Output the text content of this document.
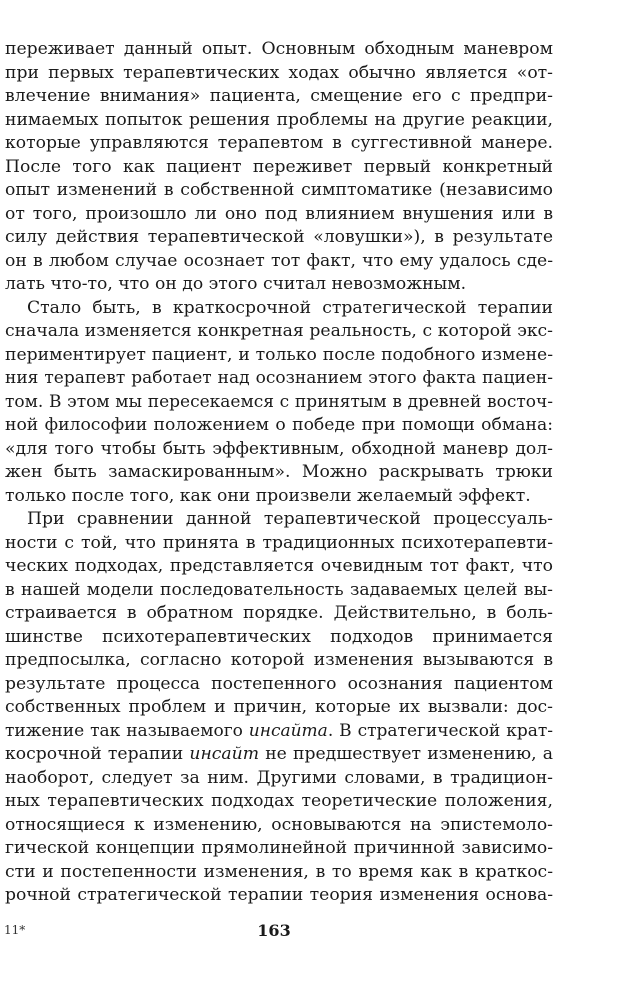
переживает данный опыт. Основным обходным маневром
при первых терапевтических ходах обычно является «от-
влечение внимания» пациента, смещение его с предпри-
нимаемых попыток решения проблемы на другие реакции,
которые управляются терапевтом в суггестивной манере.
После того как пациент переживет первый конкретный
опыт изменений в собственной симптоматике (независимо
от того, произошло ли оно под влиянием внушения или в
силу действия терапевтической «ловушки»), в результате
он в любом случае осознает тот факт, что ему удалось сде-
лать что-то, что он до этого считал невозможным.
Стало быть, в краткосрочной стратегической терапии
сначала изменяется конкретная реальность, с которой экс-
периментирует пациент, и только после подобного измене-
ния терапевт работает над осознанием этого факта пациен-
том. В этом мы пересекаемся с принятым в древней восточ-
ной философии положением о победе при помощи обмана:
«для того чтобы быть эффективным, обходной маневр дол-
жен быть замаскированным». Можно раскрывать трюки
только после того, как они произвели желаемый эффект.
При сравнении данной терапевтической процессуаль-
ности с той, что принята в традиционных психотерапевти-
ческих подходах, представляется очевидным тот факт, что
в нашей модели последовательность задаваемых целей вы-
страивается в обратном порядке. Действительно, в боль-
шинстве психотерапевтических подходов принимается
предпосылка, согласно которой изменения вызываются в
результате процесса постепенного осознания пациентом
собственных проблем и причин, которые их вызвали: дос-
тижение так называемого инсайта. В стратегической крат-
косрочной терапии инсайт не предшествует изменению, а
наоборот, следует за ним. Другими словами, в традицион-
ных терапевтических подходах теоретические положения,
относящиеся к изменению, основываются на эпистемоло-
гической концепции прямолинейной причинной зависимо-
сти и постепенности изменения, в то время как в краткос-
рочной стратегической терапии теория изменения основа-
11*	163
